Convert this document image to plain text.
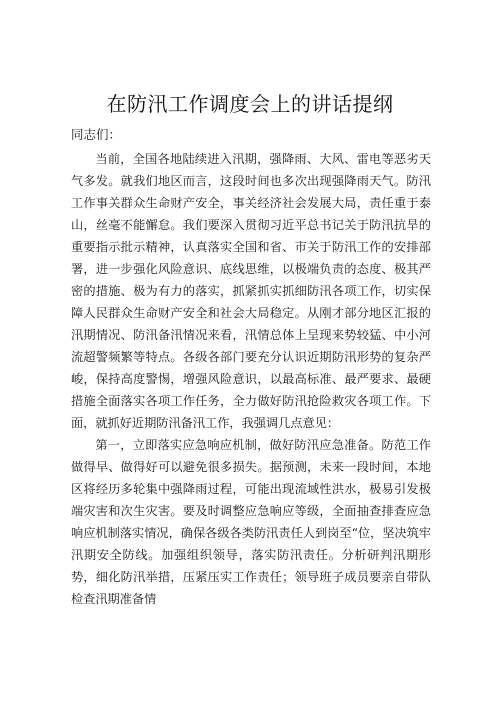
在防汛工作调度会上的讲话提纲
同志们：

当前，全国各地陆续进入汛期，强降雨、大风、雷电等恶劣天气多发。就我们地区而言，这段时间也多次出现强降雨天气。防汛工作事关群众生命财产安全，事关经济社会发展大局，责任重于泰山，丝毫不能懈怠。我们要深入贯彻习近平总书记关于防汛抗旱的重要指示批示精神，认真落实全国和省、市关于防汛工作的安排部署，进一步强化风险意识、底线思维，以极端负责的态度、极其严密的措施、极为有力的落实，抓紧抓实抓细防汛各项工作，切实保障人民群众生命财产安全和社会大局稳定。从刚才部分地区汇报的汛期情况、防汛备汛情况来看，汛情总体上呈现来势较猛、中小河流超警频繁等特点。各级各部门要充分认识近期防汛形势的复杂严峻，保持高度警惕，增强风险意识，以最高标准、最严要求、最硬措施全面落实各项工作任务，全力做好防汛抢险救灾各项工作。下面，就抓好近期防汛备汛工作，我强调几点意见：

第一，立即落实应急响应机制，做好防汛应急准备。防范工作做得早、做得好可以避免很多损失。据预测，未来一段时间，本地区将经历多轮集中强降雨过程，可能出现流域性洪水，极易引发极端灾害和次生灾害。要及时调整应急响应等级，全面抽查排查应急响应机制落实情况，确保各级各类防汛责任人到岗至“位，坚决筑牢汛期安全防线。加强组织领导，落实防汛责任。分析研判汛期形势，细化防汛举措，压紧压实工作责任；领导班子成员要亲自带队检查汛期准备情
